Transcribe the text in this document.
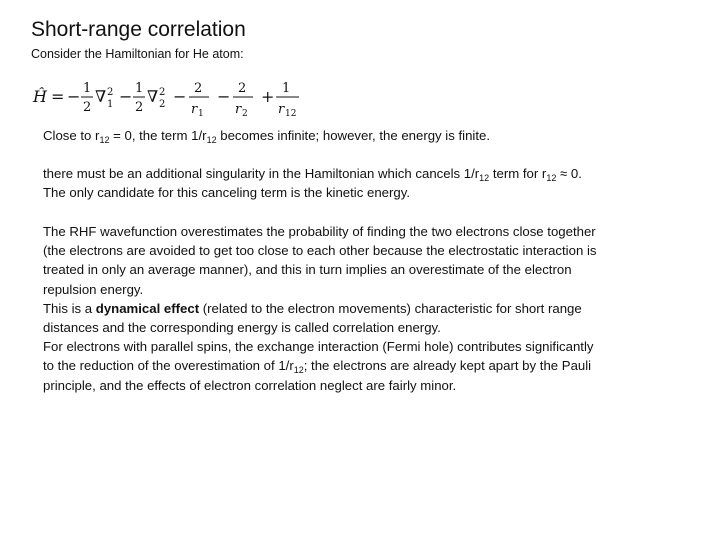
Short-range correlation

Consider the Hamiltonian for He atom:

Ĥ = − 1
2
∇ 2
1 − 1
2
∇ 2
2 − 2
r 1
− 2
r 2
+ 1
r 12

Close to $r_{12} = 0$, the term $1/r_{12}$ becomes infinite; however, the energy is finite.

there must be an additional singularity in the Hamiltonian which cancels $1/r_{12}$ term for $r_{12} \approx 0$. The only candidate for this canceling term is the kinetic energy.

The RHF wavefunction overestimates the probability of finding the two electrons close together (the electrons are avoided to get too close to each other because the electrostatic interaction is treated in only an average manner), and this in turn implies an overestimate of the electron repulsion energy.
This is a dynamical effect (related to the electron movements) characteristic for short range distances and the corresponding energy is called correlation energy.
For electrons with parallel spins, the exchange interaction (Fermi hole) contributes significantly to the reduction of the overestimation of $1/r_{12}$; the electrons are already kept apart by the Pauli principle, and the effects of electron correlation neglect are fairly minor.
